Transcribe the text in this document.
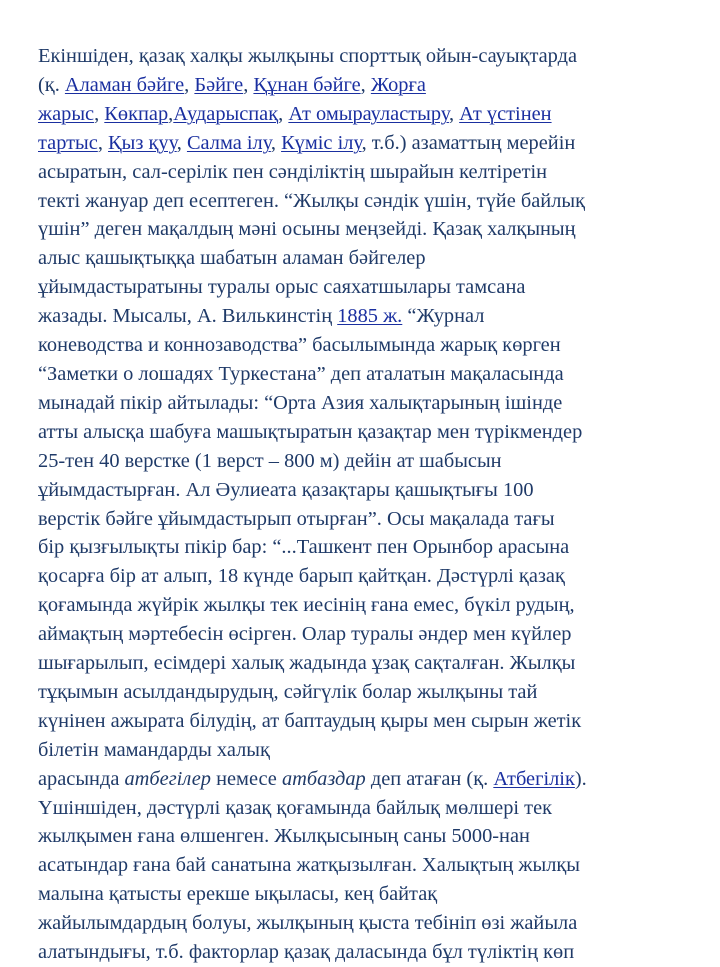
Екіншіден, қазақ халқы жылқыны спорттық ойын-сауықтарда
(қ. Аламан бәйге, Бәйге, Құнан бәйге, Жорға
жарыс, Көкпар,Аударыспақ, Ат омырауластыру, Ат үстінен
тартыс, Қыз қуу, Салма ілу, Күміс ілу, т.б.) азаматтың мерейін
асыратын, сал-серілік пен сәнділіктің шырайын келтіретін
текті жануар деп есептеген. “Жылқы сәндік үшін, түйе байлық
үшін” деген мақалдың мәні осыны меңзейді. Қазақ халқының
алыс қашықтыққа шабатын аламан бәйгелер
ұйымдастыратыны туралы орыс саяхатшылары тамсана
жазады. Мысалы, А. Вилькинстің 1885 ж. “Журнал
коневодства и коннозаводства” басылымында жарық көрген
“Заметки о лошадях Туркестана” деп аталатын мақаласында
мынадай пікір айтылады: “Орта Азия халықтарының ішінде
атты алысқа шабуға машықтыратын қазақтар мен түрікмендер
25-тен 40 верстке (1 верст – 800 м) дейін ат шабысын
ұйымдастырған. Ал Әулиеата қазақтары қашықтығы 100
верстік бәйге ұйымдастырып отырған”. Осы мақалада тағы
бір қызғылықты пікір бар: “...Ташкент пен Орынбор арасына
қосарға бір ат алып, 18 күнде барып қайтқан. Дәстүрлі қазақ
қоғамында жүйрік жылқы тек иесінің ғана емес, бүкіл рудың,
аймақтың мәртебесін өсірген. Олар туралы әндер мен күйлер
шығарылып, есімдері халық жадында ұзақ сақталған. Жылқы
тұқымын асылдандырудың, сәйгүлік болар жылқыны тай
күнінен ажырата білудің, ат баптаудың қыры мен сырын жетік
білетін мамандарды халық
арасында атбегілер немесе атбаздар деп атаған (қ. Атбегілік).
Үшіншіден, дәстүрлі қазақ қоғамында байлық мөлшері тек
жылқымен ғана өлшенген. Жылқысының саны 5000-нан
асатындар ғана бай санатына жатқызылған. Халықтың жылқы
малына қатысты ерекше ықыласы, кең байтақ
жайылымдардың болуы, жылқының қыста тебініп өзі жайыла
алатындығы, т.б. факторлар қазақ даласында бұл түліктің көп
